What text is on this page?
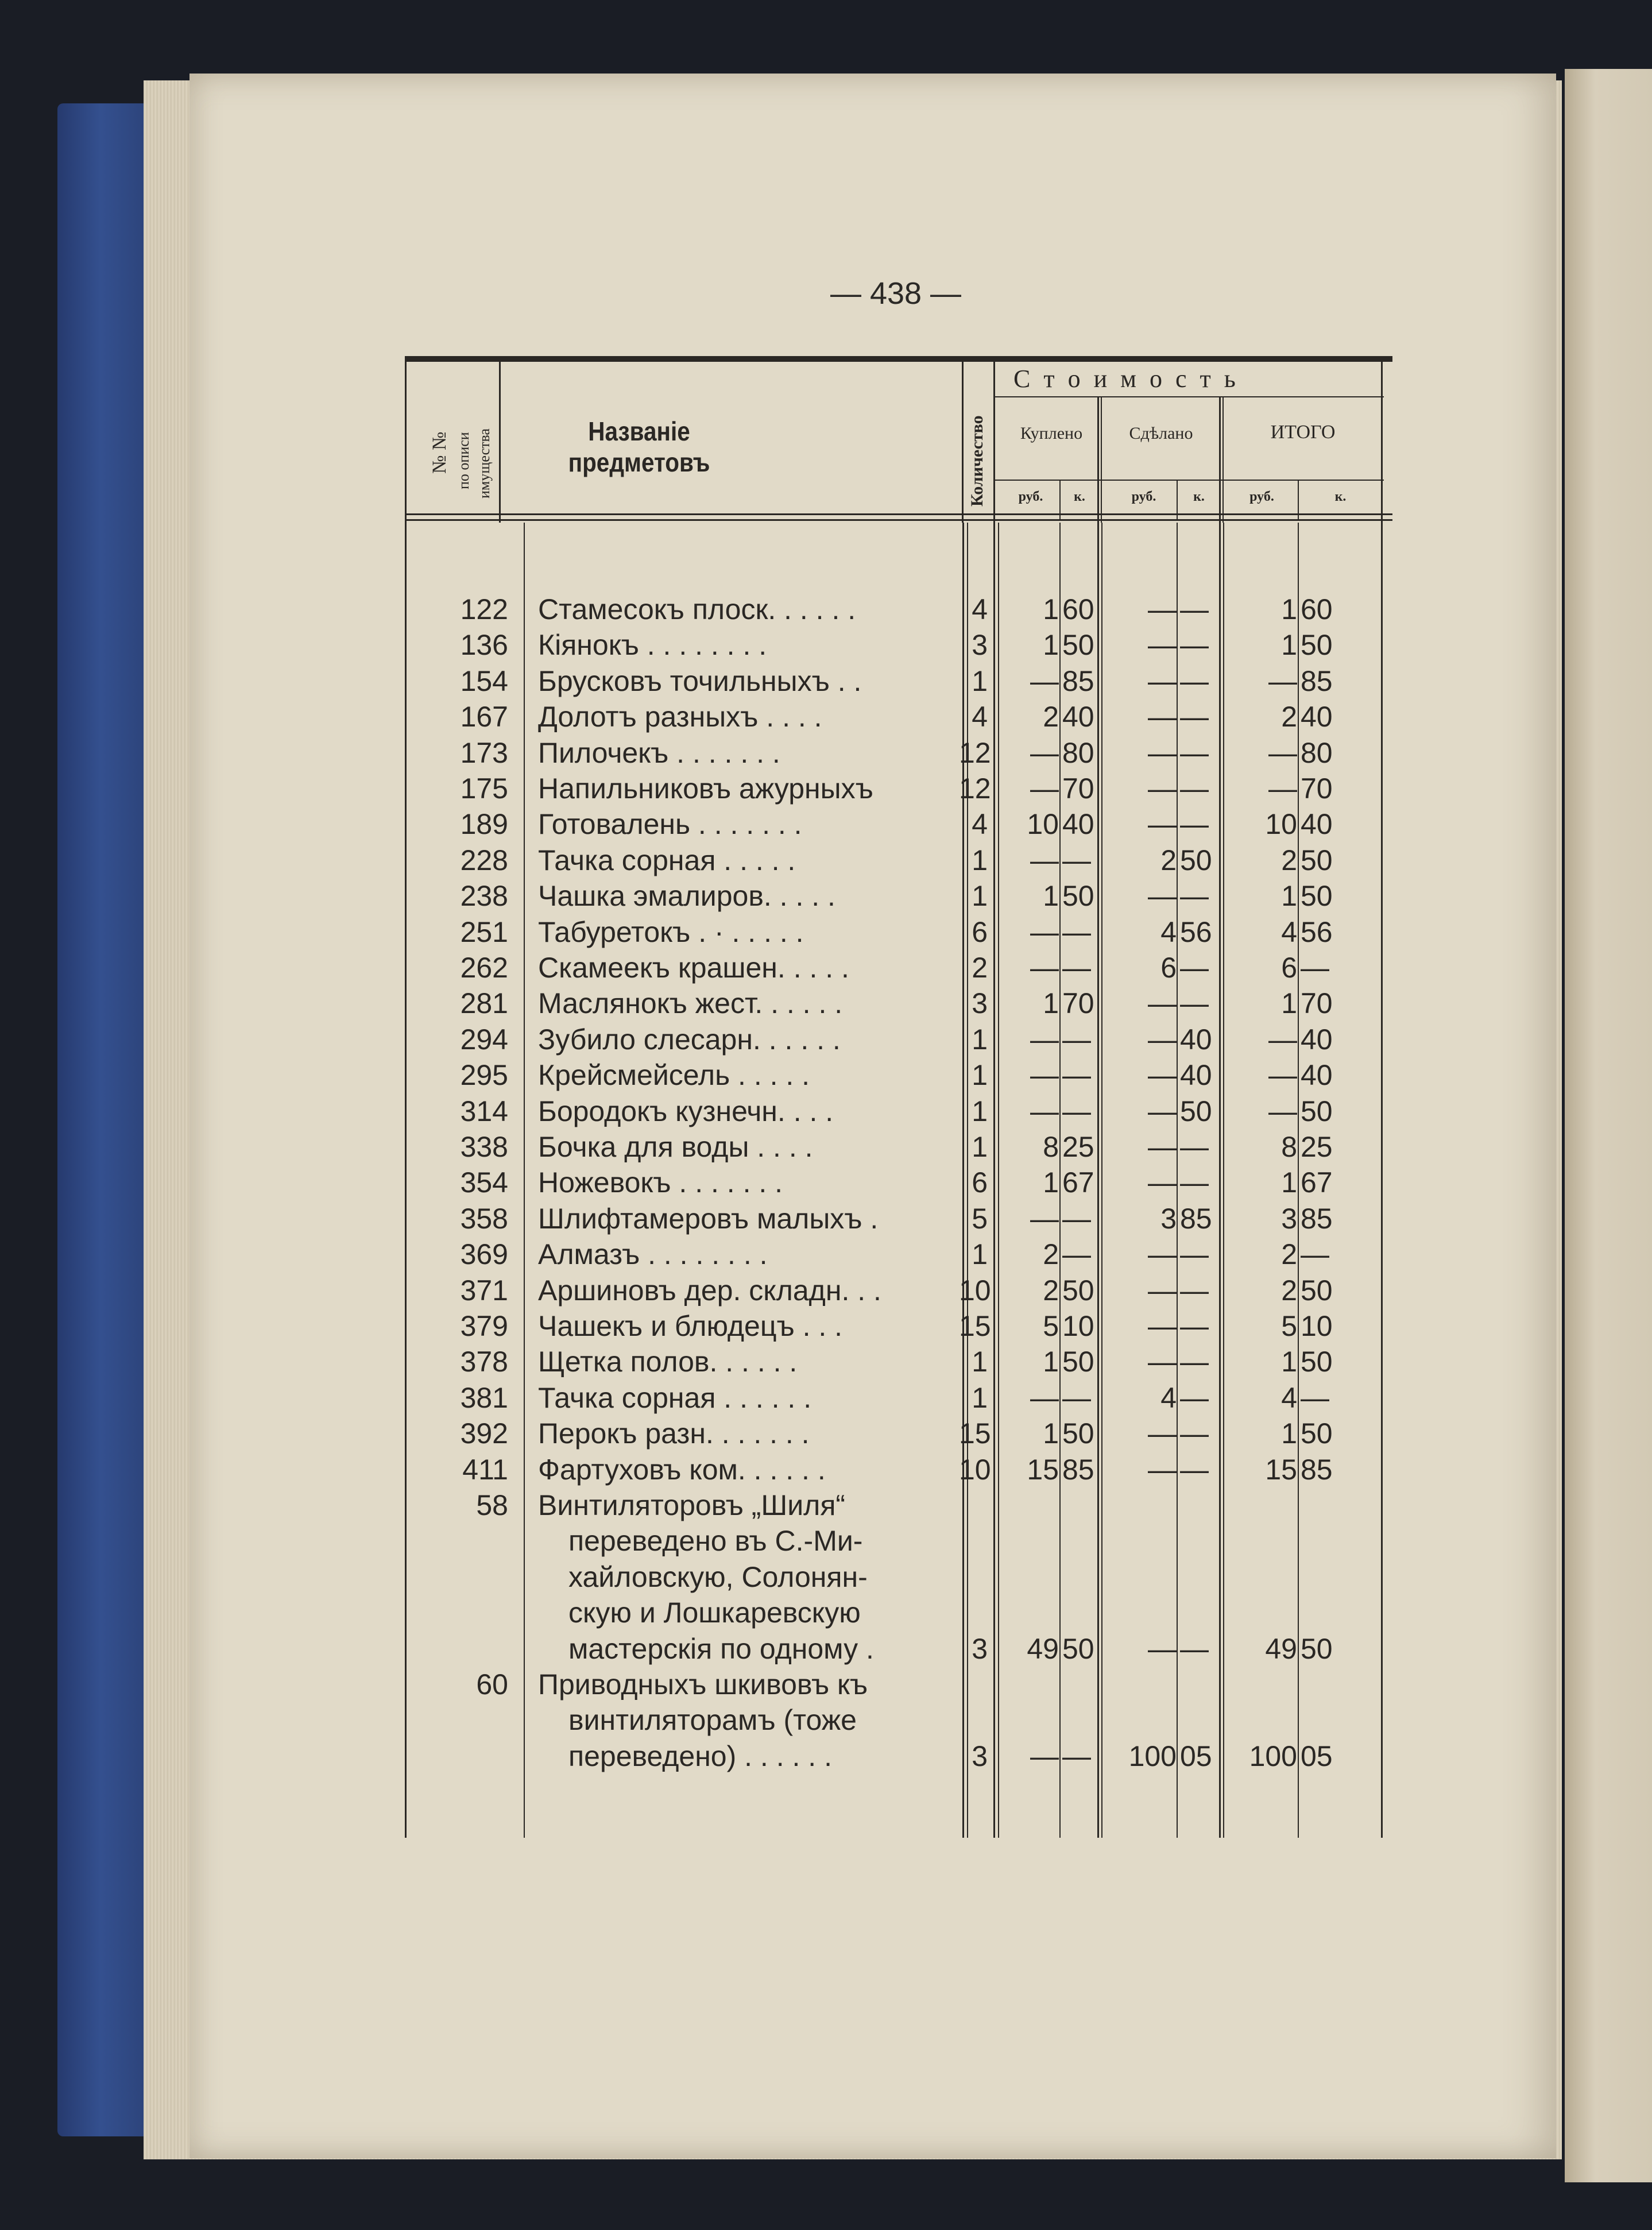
— 438 —
№ № по описи имущества	Названіе предметовъ	Количество
С т о и м о с т ь
Куплено	Сдѣлано	ИТОГО
руб.	к.	руб.	к.	руб.	к.
122 Стамесокъ плоск. . . . . .	4	1 60	— —	1 60
136 Кіянокъ . . . . . . . .	3	1 50	— —	1 50
154 Брусковъ точильныхъ . .	1	— 85	— —	— 85
167 Долотъ разныхъ . . . .	4	2 40	— —	2 40
173 Пилочекъ . . . . . . .	12	— 80	— —	— 80
175 Напильниковъ ажурныхъ	12	— 70	— —	— 70
189 Готовалень . . . . . . .	4	10 40	— —	10 40
228 Тачка сорная . . . . .	1	— —	2 50	2 50
238 Чашка эмалиров. . . . .	1	1 50	— —	1 50
251 Табуретокъ . · . . . . .	6	— —	4 56	4 56
262 Скамеекъ крашен. . . . .	2	— —	6 —	6 —
281 Маслянокъ жест. . . . . .	3	1 70	— —	1 70
294 Зубило слесарн. . . . . .	1	— —	— 40	— 40
295 Крейсмейсель . . . . .	1	— —	— 40	— 40
314 Бородокъ кузнечн. . . .	1	— —	— 50	— 50
338 Бочка для воды . . . .	1	8 25	— —	8 25
354 Ножевокъ . . . . . . .	6	1 67	— —	1 67
358 Шлифтамеровъ малыхъ .	5	— —	3 85	3 85
369 Алмазъ . . . . . . . .	1	2 —	— —	2 —
371 Аршиновъ дер. складн. . .	10	2 50	— —	2 50
379 Чашекъ и блюдецъ . . .	15	5 10	— —	5 10
378 Щетка полов. . . . . .	1	1 50	— —	1 50
381 Тачка сорная . . . . . .	1	— —	4 —	4 —
392 Перокъ разн. . . . . . .	15	1 50	— —	1 50
411 Фартуховъ ком. . . . . .	10	15 85	— —	15 85
58 Винтиляторовъ „Шиля“
переведено въ С.-Ми-
хайловскую, Солонян-
скую и Лошкаревскую
мастерскія по одному .	3	49 50	— —	49 50
60 Приводныхъ шкивовъ къ
винтиляторамъ (тоже
переведено) . . . . . .	3	— —	100 05	100 05
